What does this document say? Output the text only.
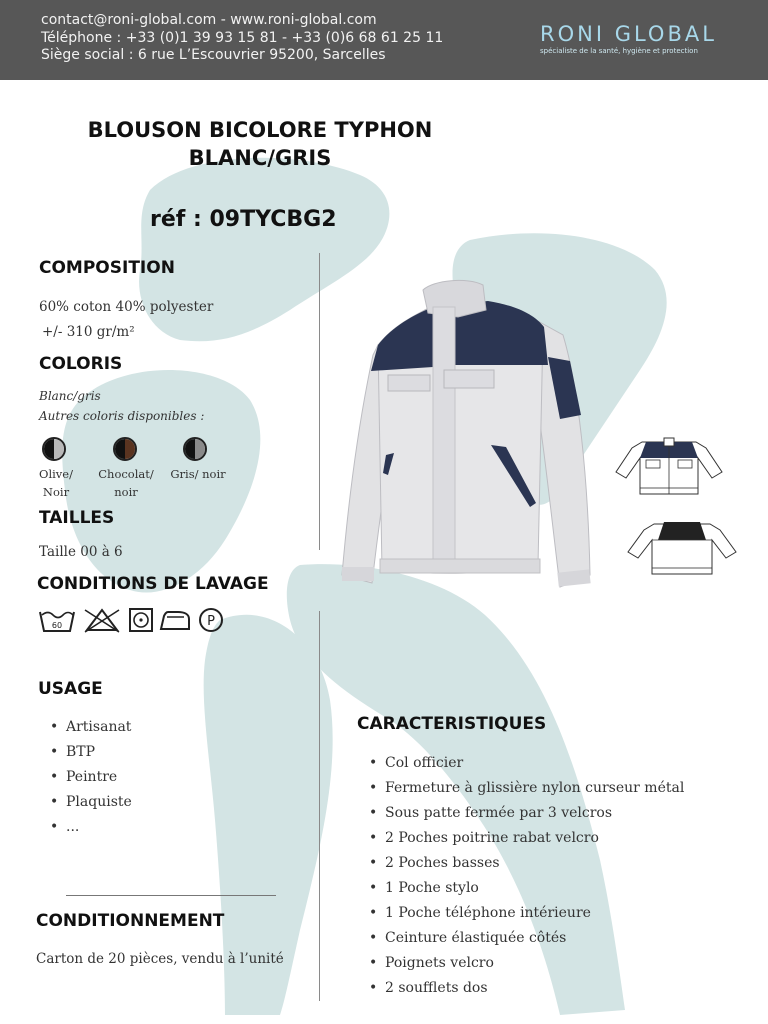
contact@roni-global.com - www.roni-global.com
Téléphone : +33 (0)1 39 93 15 81 - +33 (0)6 68 61 25 11
Siège social : 6 rue L’Escouvrier 95200, Sarcelles
RONI GLOBAL
spécialiste de la santé, hygiène et protection
BLOUSON BICOLORE TYPHON
BLANC/GRIS
réf : 09TYCBG2
COMPOSITION
60% coton 40% polyester
+/- 310 gr/m²
COLORIS
Blanc/gris
Autres coloris disponibles :
Olive/
Noir
Chocolat/
noir
Gris/ noir
TAILLES
Taille 00 à 6
CONDITIONS DE LAVAGE
60	P
USAGE
• Artisanat
• BTP
• Peintre
• Plaquiste
• ...
CONDITIONNEMENT
Carton de 20 pièces, vendu à l’unité
CARACTERISTIQUES
• Col officier
• Fermeture à glissière nylon curseur métal
• Sous patte fermée par 3 velcros
• 2 Poches poitrine rabat velcro
• 2 Poches basses
• 1 Poche stylo
• 1 Poche téléphone intérieure
• Ceinture élastiquée côtés
• Poignets velcro
• 2 soufflets dos
